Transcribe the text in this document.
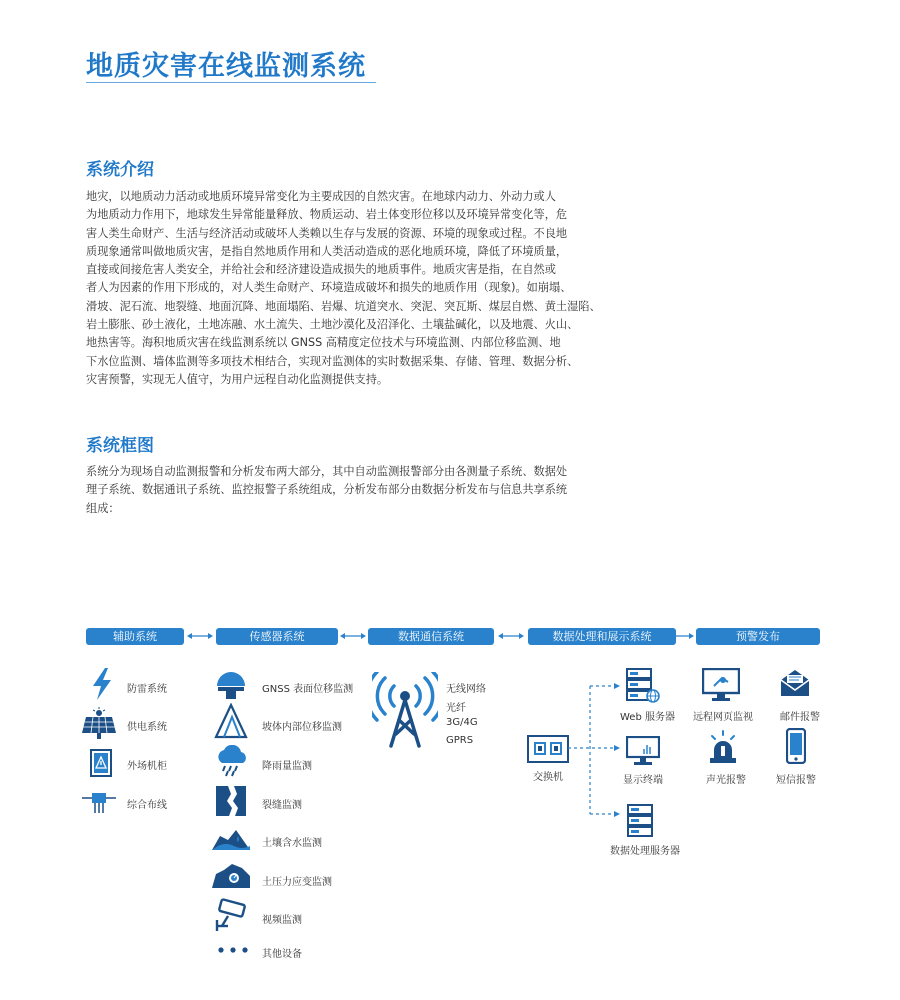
地质灾害在线监测系统
系统介绍

地灾，以地质动力活动或地质环境异常变化为主要成因的自然灾害。在地球内动力、外动力或人

为地质动力作用下，地球发生异常能量释放、物质运动、岩土体变形位移以及环境异常变化等，危

害人类生命财产、生活与经济活动或破坏人类赖以生存与发展的资源、环境的现象或过程。不良地

质现象通常叫做地质灾害，是指自然地质作用和人类活动造成的恶化地质环境，降低了环境质量，

直接或间接危害人类安全，并给社会和经济建设造成损失的地质事件。地质灾害是指，在自然或

者人为因素的作用下形成的，对人类生命财产、环境造成破坏和损失的地质作用（现象)。如崩塌、

滑坡、泥石流、地裂缝、地面沉降、地面塌陷、岩爆、坑道突水、突泥、突瓦斯、煤层自燃、黄土湿陷、

岩土膨胀、砂土液化，土地冻融、水土流失、土地沙漠化及沼泽化、土壤盐碱化，以及地震、火山、

地热害等。海积地质灾害在线监测系统以 GNSS 高精度定位技术与环境监测、内部位移监测、地

下水位监测、墙体监测等多项技术相结合，实现对监测体的实时数据采集、存储、管理、数据分析、

灾害预警，实现无人值守，为用户远程自动化监测提供支持。

系统框图

系统分为现场自动监测报警和分析发布两大部分，其中自动监测报警部分由各测量子系统、数据处

理子系统、数据通讯子系统、监控报警子系统组成，分析发布部分由数据分析发布与信息共享系统

组成：

辅助系统	传感器系统	数据通信系统	数据处理和展示系统	预警发布
防雷系统
供电系统
外场机柜
综合布线
GNSS 表面位移监测
坡体内部位移监测
降雨量监测
裂缝监测
土壤含水监测
土压力应变监测
视频监测
其他设备
无线网络
光纤
3G/4G
GPRS
交换机
Web 服务器
显示终端
数据处理服务器
远程网页监视	邮件报警
声光报警	短信报警
